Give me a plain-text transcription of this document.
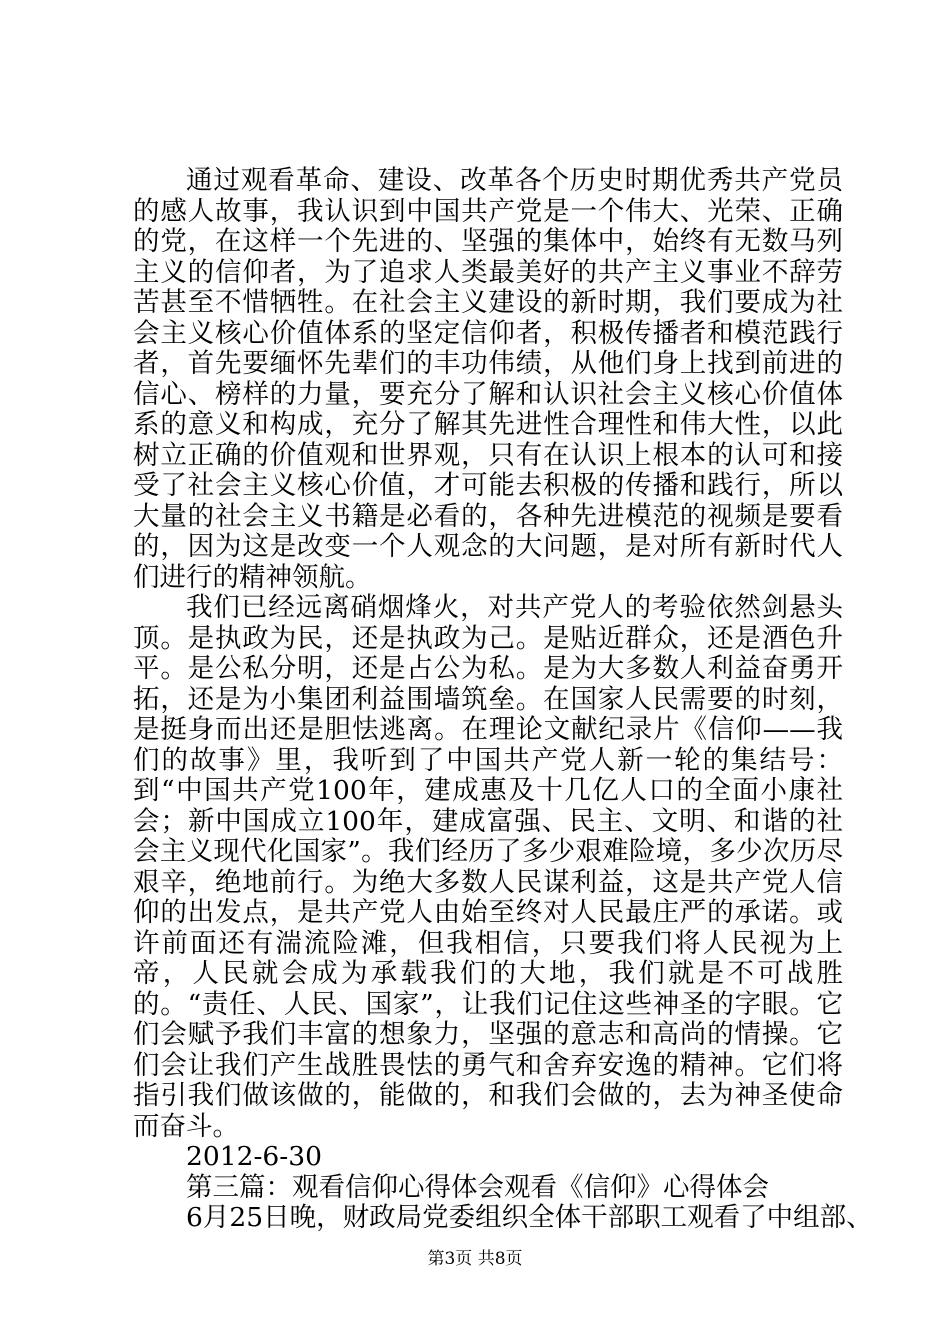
通过观看革命、建设、改革各个历史时期优秀共产党员的感人故事，我认识到中国共产党是一个伟大、光荣、正确的党，在这样一个先进的、坚强的集体中，始终有无数马列主义的信仰者，为了追求人类最美好的共产主义事业不辞劳苦甚至不惜牺牲。在社会主义建设的新时期，我们要成为社会主义核心价值体系的坚定信仰者，积极传播者和模范践行者，首先要缅怀先辈们的丰功伟绩，从他们身上找到前进的信心、榜样的力量，要充分了解和认识社会主义核心价值体系的意义和构成，充分了解其先进性合理性和伟大性，以此树立正确的价值观和世界观，只有在认识上根本的认可和接受了社会主义核心价值，才可能去积极的传播和践行，所以大量的社会主义书籍是必看的，各种先进模范的视频是要看的，因为这是改变一个人观念的大问题，是对所有新时代人们进行的精神领航。

我们已经远离硝烟烽火，对共产党人的考验依然剑悬头顶。是执政为民，还是执政为己。是贴近群众，还是酒色升平。是公私分明，还是占公为私。是为大多数人利益奋勇开拓，还是为小集团利益围墙筑垒。在国家人民需要的时刻，是挺身而出还是胆怯逃离。在理论文献纪录片《信仰——我们的故事》里，我听到了中国共产党人新一轮的集结号：到“中国共产党100年，建成惠及十几亿人口的全面小康社会；新中国成立100年，建成富强、民主、文明、和谐的社会主义现代化国家”。我们经历了多少艰难险境，多少次历尽艰辛，绝地前行。为绝大多数人民谋利益，这是共产党人信仰的出发点，是共产党人由始至终对人民最庄严的承诺。或许前面还有湍流险滩，但我相信，只要我们将人民视为上帝，人民就会成为承载我们的大地，我们就是不可战胜的。“责任、人民、国家”，让我们记住这些神圣的字眼。它们会赋予我们丰富的想象力，坚强的意志和高尚的情操。它们会让我们产生战胜畏怯的勇气和舍弃安逸的精神。它们将指引我们做该做的，能做的，和我们会做的，去为神圣使命而奋斗。

2012-6-30

第三篇：观看信仰心得体会观看《信仰》心得体会

6月25日晚，财政局党委组织全体干部职工观看了中组部、

第3页 共8页
